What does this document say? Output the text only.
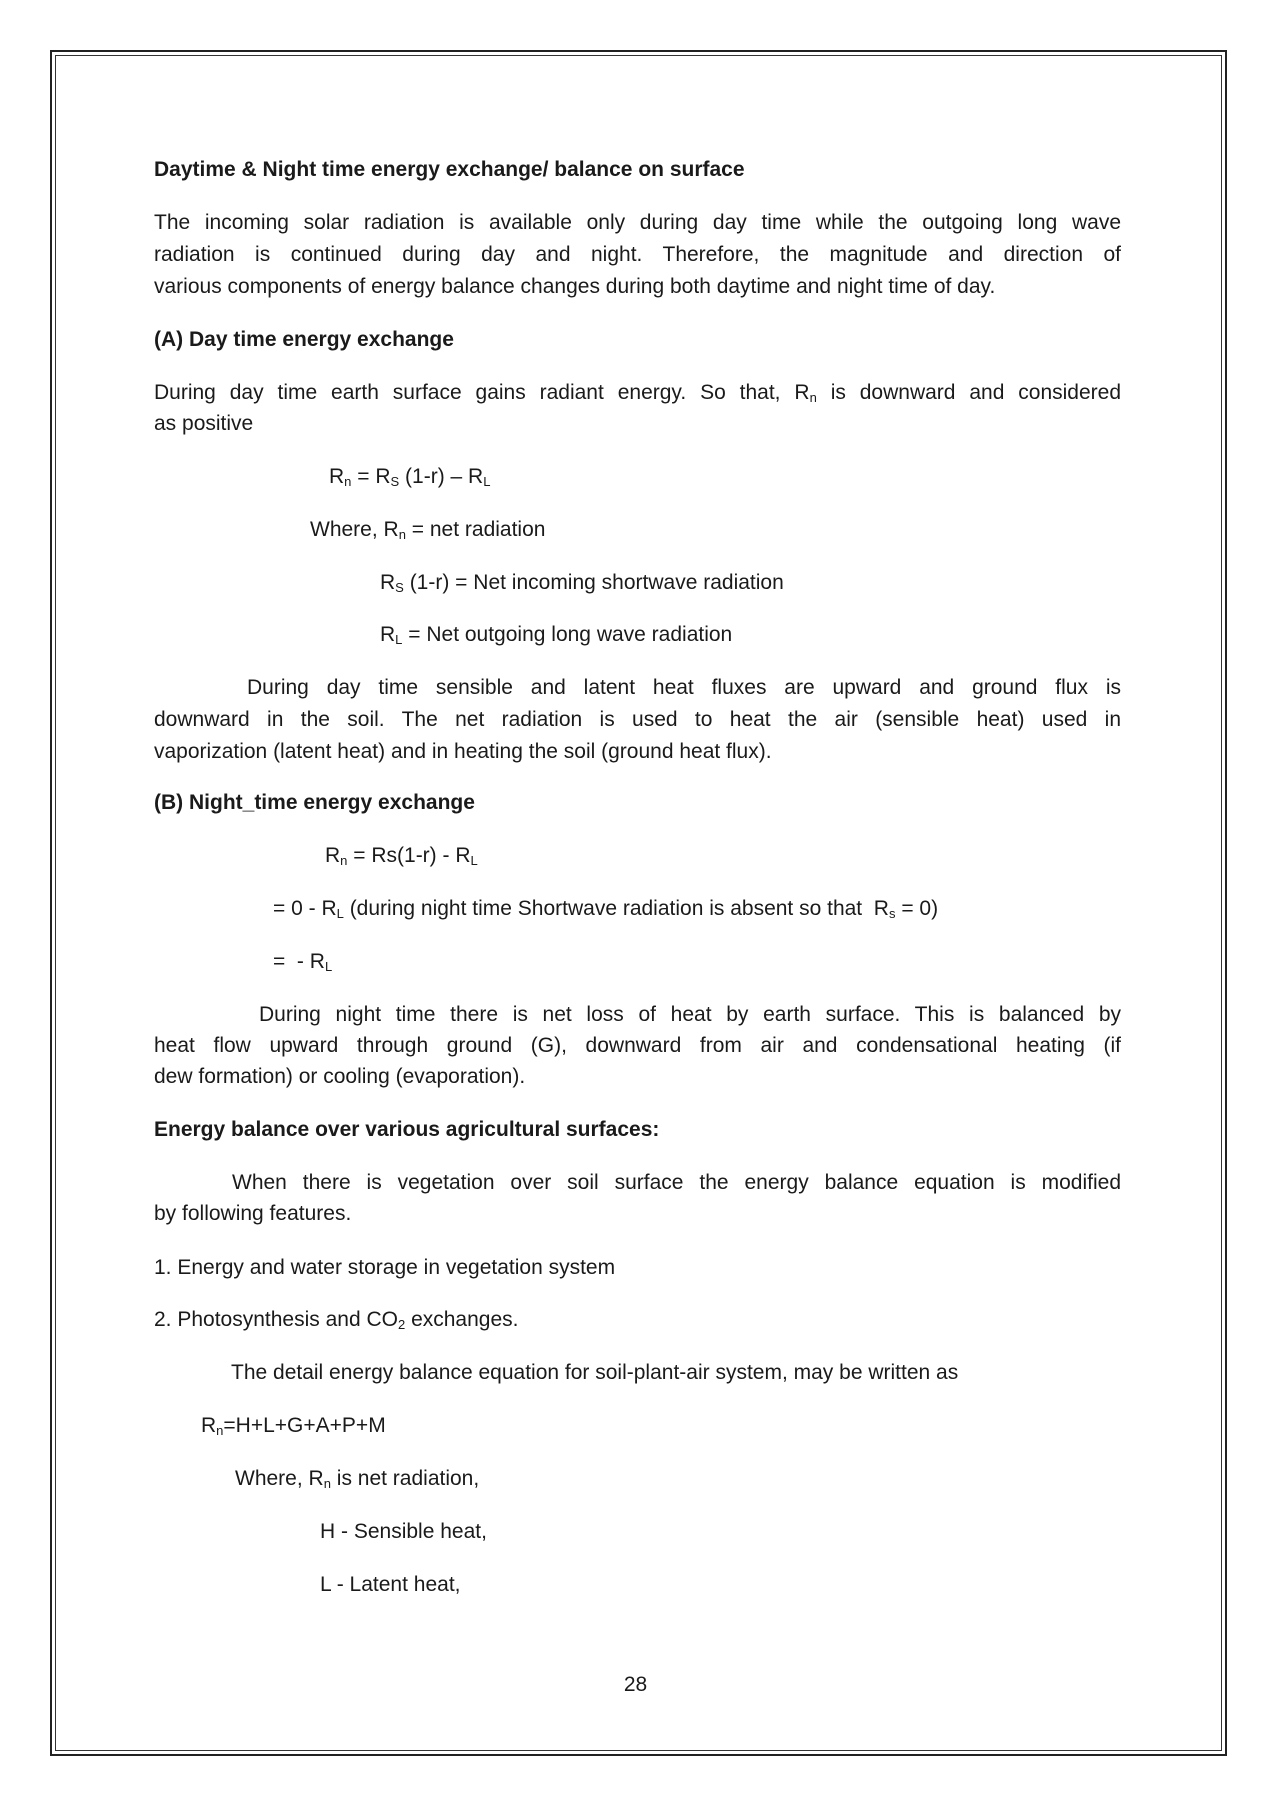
Daytime & Night time energy exchange/ balance on surface
The incoming solar radiation is available only during day time while the outgoing long wave
radiation is continued during day and night. Therefore, the magnitude and direction of
various components of energy balance changes during both daytime and night time of day.
(A) Day time energy exchange
During day time earth surface gains radiant energy. So that, $R_n$ is downward and considered
as positive
$R_n = R_S$ $(1-r) - R_L$
Where, $R_n$ = net radiation
$R_S$ (1-r) = Net incoming shortwave radiation
$R_L$ = Net outgoing long wave radiation
During day time sensible and latent heat fluxes are upward and ground flux is
downward in the soil. The net radiation is used to heat the air (sensible heat) used in
vaporization (latent heat) and in heating the soil (ground heat flux).
(B) Night_time energy exchange
$R_n = Rs(1-r) - R_L$
= $0 - R_L$ (during night time Shortwave radiation is absent so that  $R_s = 0$)
=  - $R_L$
During night time there is net loss of heat by earth surface. This is balanced by
heat flow upward through ground (G), downward from air and condensational heating (if
dew formation) or cooling (evaporation).
Energy balance over various agricultural surfaces:
When there is vegetation over soil surface the energy balance equation is modified
by following features.
1. Energy and water storage in vegetation system
2. Photosynthesis and $CO_2$ exchanges.
The detail energy balance equation for soil-plant-air system, may be written as
$R_n=H+L+G+A+P+M$
Where, $R_n$ is net radiation,
H - Sensible heat,
L - Latent heat,
28
